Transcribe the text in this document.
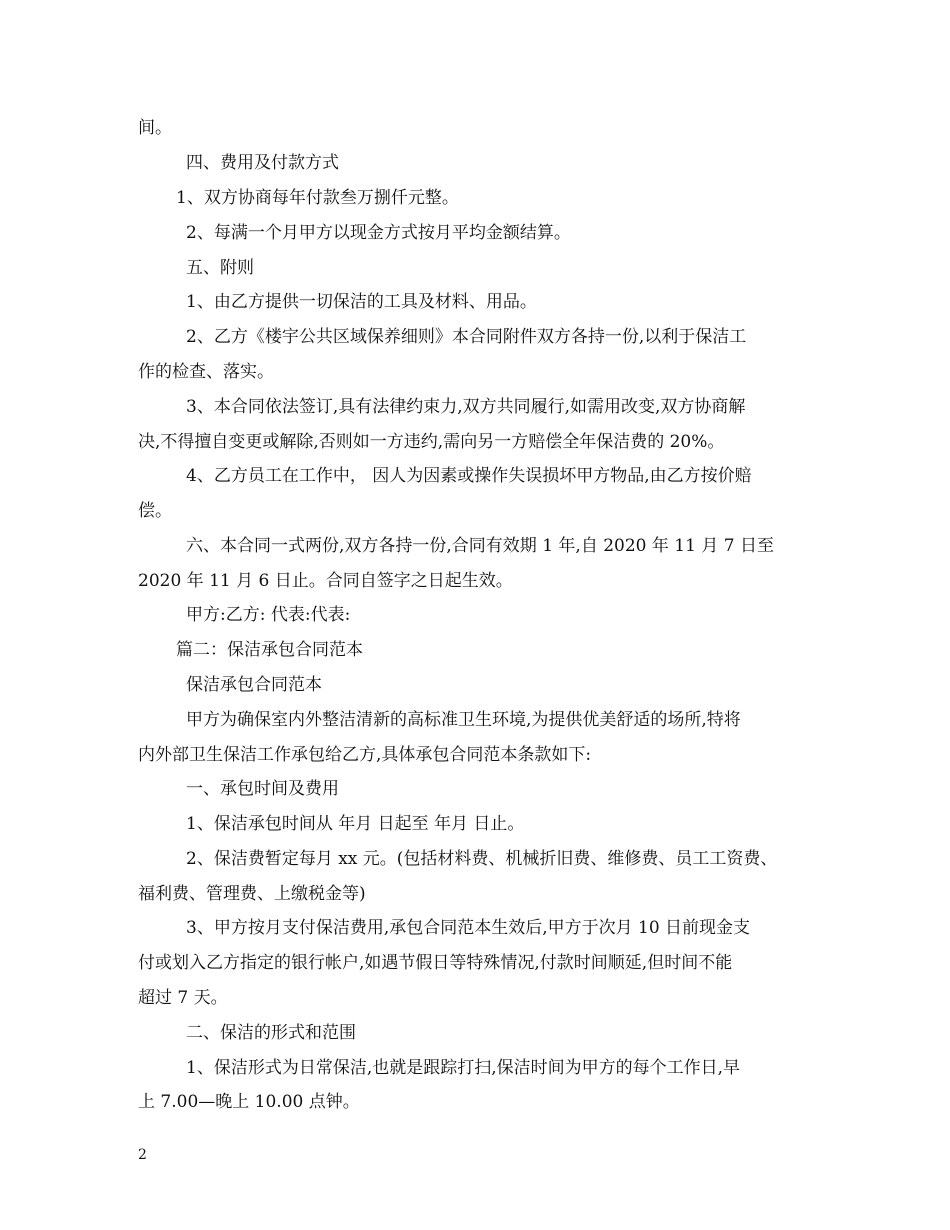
间。
四、费用及付款方式
1、双方协商每年付款叁万捌仟元整。
2、每满一个月甲方以现金方式按月平均金额结算。
五、附则
1、由乙方提供一切保洁的工具及材料、用品。
2、乙方《楼宇公共区域保养细则》本合同附件双方各持一份,以利于保洁工
作的检查、落实。
3、本合同依法签订,具有法律约束力,双方共同履行,如需用改变,双方协商解
决,不得擅自变更或解除,否则如一方违约,需向另一方赔偿全年保洁费的 20%。
4、乙方员工在工作中， 因人为因素或操作失误损坏甲方物品,由乙方按价赔
偿。
六、本合同一式两份,双方各持一份,合同有效期 1 年,自 2020 年 11 月 7 日至
2020 年 11 月 6 日止。合同自签字之日起生效。
甲方:乙方: 代表:代表:
篇二：保洁承包合同范本
保洁承包合同范本
甲方为确保室内外整洁清新的高标准卫生环境,为提供优美舒适的场所,特将
内外部卫生保洁工作承包给乙方,具体承包合同范本条款如下:
一、承包时间及费用
1、保洁承包时间从 年月 日起至 年月 日止。
2、保洁费暂定每月 xx 元。(包括材料费、机械折旧费、维修费、员工工资费、
福利费、管理费、上缴税金等)
3、甲方按月支付保洁费用,承包合同范本生效后,甲方于次月 10 日前现金支
付或划入乙方指定的银行帐户,如遇节假日等特殊情况,付款时间顺延,但时间不能
超过 7 天。
二、保洁的形式和范围
1、保洁形式为日常保洁,也就是跟踪打扫,保洁时间为甲方的每个工作日,早
上 7.00—晚上 10.00 点钟。
2
